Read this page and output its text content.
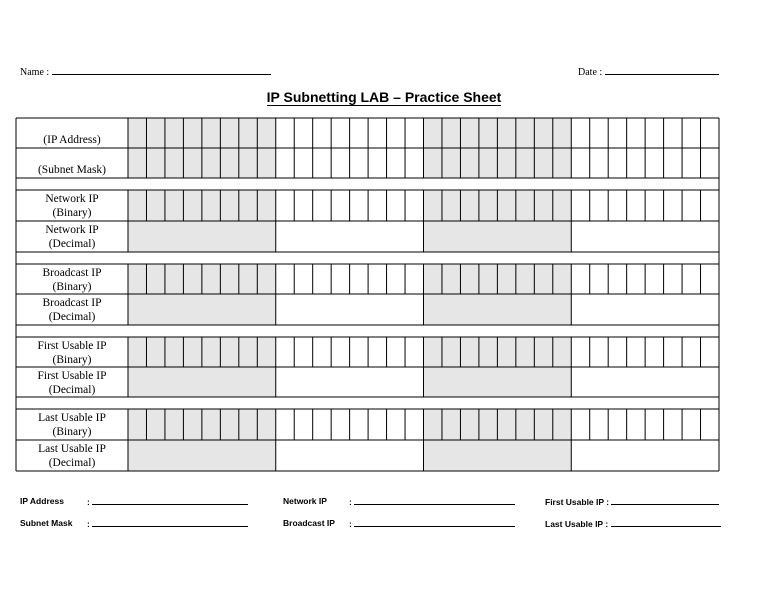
Name :	Date :
IP Subnetting LAB – Practice Sheet
(IP Address)
(Subnet Mask)
Network IP
(Binary)
Network IP
(Decimal)
Broadcast IP
(Binary)
Broadcast IP
(Decimal)
First Usable IP
(Binary)
First Usable IP
(Decimal)
Last Usable IP
(Binary)
Last Usable IP
(Decimal)
IP Address	:
Subnet Mask :
Network IP	:
Broadcast IP :
First Usable IP :
Last Usable IP :
